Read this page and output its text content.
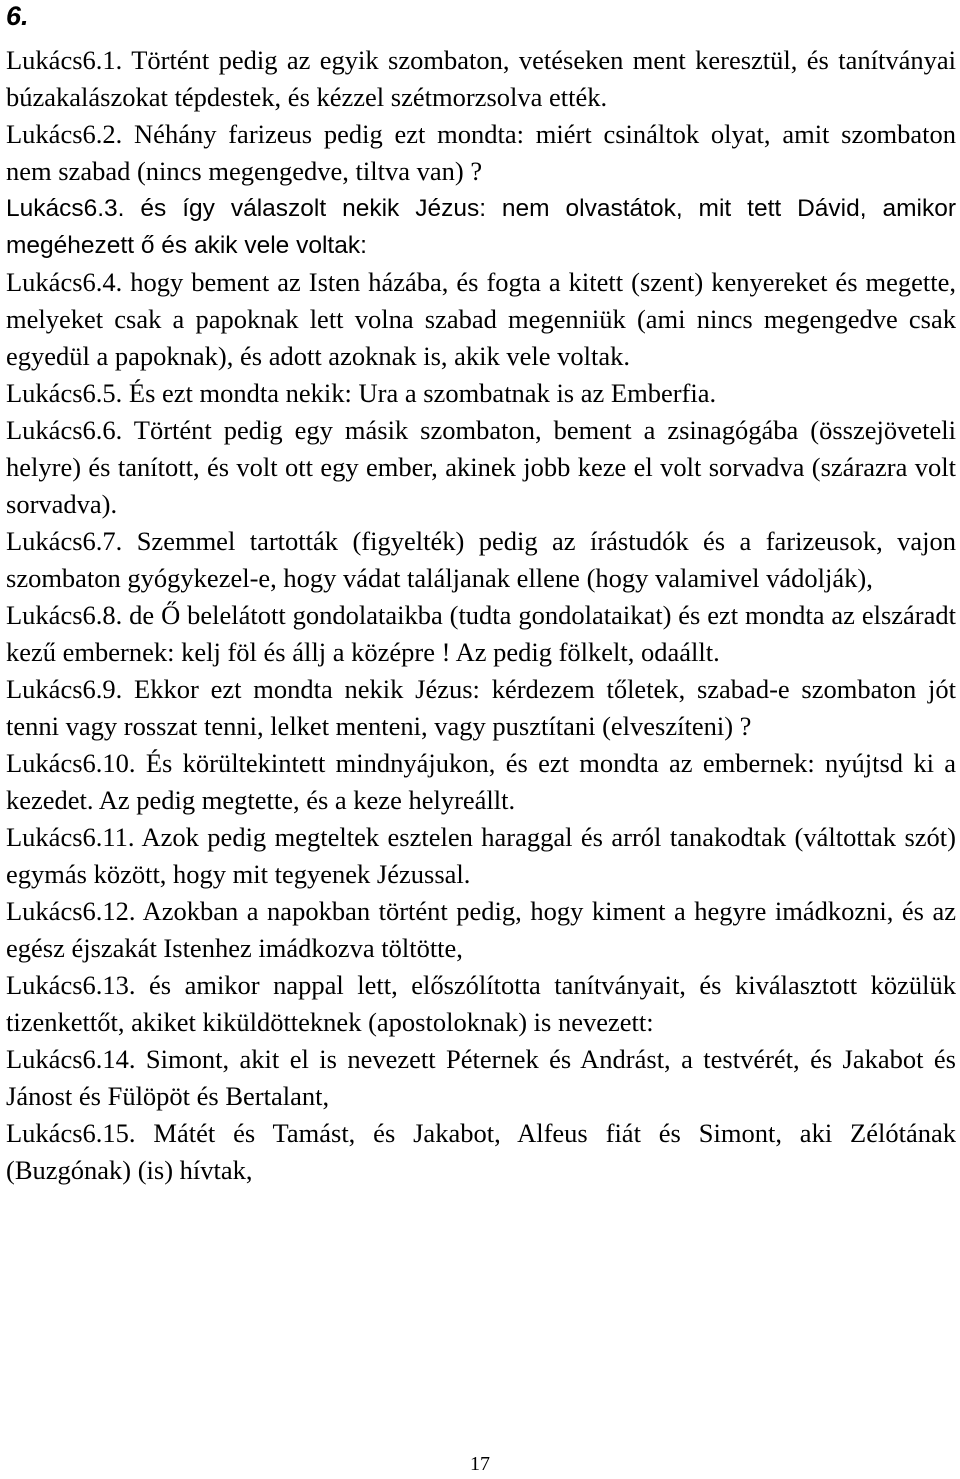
6.

Lukács6.1. Történt pedig az egyik szombaton, vetéseken ment keresztül, és tanítványai búzakalászokat tépdestek, és kézzel szétmorzsolva ették.

Lukács6.2. Néhány farizeus pedig ezt mondta: miért csináltok olyat, amit szombaton nem szabad (nincs megengedve, tiltva van) ?

Lukács6.3. és így válaszolt nekik Jézus: nem olvastátok, mit tett Dávid, amikor megéhezett ő és akik vele voltak:

Lukács6.4. hogy bement az Isten házába, és fogta a kitett (szent) kenyereket és megette, melyeket csak a papoknak lett volna szabad megenniük (ami nincs megengedve csak egyedül a papoknak), és adott azoknak is, akik vele voltak.

Lukács6.5. És ezt mondta nekik: Ura a szombatnak is az Emberfia.

Lukács6.6. Történt pedig egy másik szombaton, bement a zsinagógába (összejöveteli helyre) és tanított, és volt ott egy ember, akinek jobb keze el volt sorvadva (szárazra volt sorvadva).

Lukács6.7. Szemmel tartották (figyelték) pedig az írástudók és a farizeusok, vajon szombaton gyógykezel-e, hogy vádat találjanak ellene (hogy valamivel vádolják),

Lukács6.8. de Ő belelátott gondolataikba (tudta gondolataikat) és ezt mondta az elszáradt kezű embernek: kelj föl és állj a középre ! Az pedig fölkelt, odaállt.

Lukács6.9. Ekkor ezt mondta nekik Jézus: kérdezem tőletek, szabad-e szombaton jót tenni vagy rosszat tenni, lelket menteni, vagy pusztítani (elveszíteni) ?

Lukács6.10. És körültekintett mindnyájukon, és ezt mondta az embernek: nyújtsd ki a kezedet. Az pedig megtette, és a keze helyreállt.

Lukács6.11. Azok pedig megteltek esztelen haraggal és arról tanakodtak (váltottak szót) egymás között, hogy mit tegyenek Jézussal.

Lukács6.12. Azokban a napokban történt pedig, hogy kiment a hegyre imádkozni, és az egész éjszakát Istenhez imádkozva töltötte,

Lukács6.13. és amikor nappal lett, előszólította tanítványait, és kiválasztott közülük tizenkettőt, akiket kiküldötteknek (apostoloknak) is nevezett:

Lukács6.14. Simont, akit el is nevezett Péternek és Andrást, a testvérét, és Jakabot és Jánost és Fülöpöt és Bertalant,

Lukács6.15. Mátét és Tamást, és Jakabot, Alfeus fiát és Simont, aki Zélótának (Buzgónak) (is) hívtak,

17
